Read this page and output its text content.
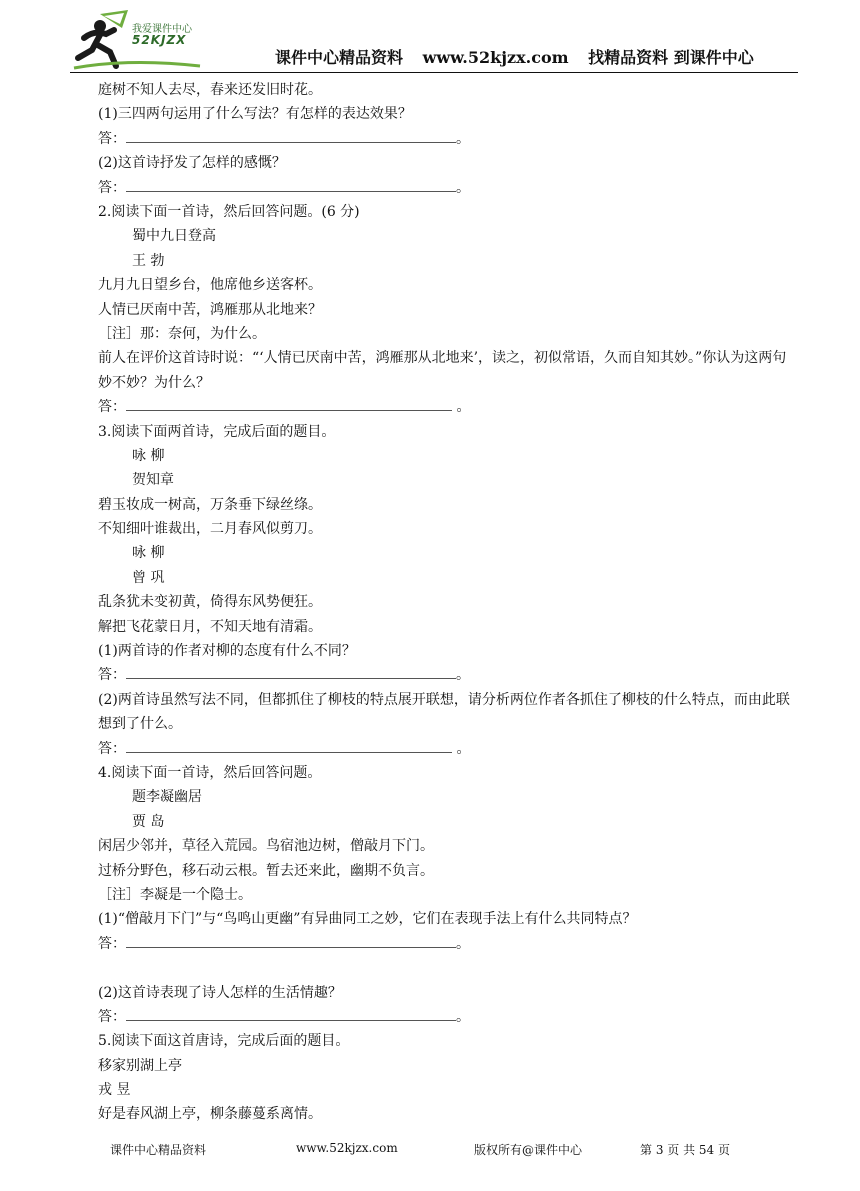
我爱课件中心
52KJZX
课件中心精品资料 www.52kjzx.com 找精品资料 到课件中心
庭树不知人去尽，春来还发旧时花。
(1)三四两句运用了什么写法？有怎样的表达效果？
答：	。
(2)这首诗抒发了怎样的感慨？
答：	。
2.阅读下面一首诗，然后回答问题。(6 分)
蜀中九日登高
王 勃
九月九日望乡台，他席他乡送客杯。
人情已厌南中苦，鸿雁那从北地来？
［注］那：奈何，为什么。
前人在评价这首诗时说：“‘人情已厌南中苦，鸿雁那从北地来’，读之，初似常语，久而自知其妙。”你认为这两句妙不妙？为什么？
答：	。
3.阅读下面两首诗，完成后面的题目。
咏 柳
贺知章
碧玉妆成一树高，万条垂下绿丝绦。
不知细叶谁裁出，二月春风似剪刀。
咏 柳
曾 巩
乱条犹未变初黄，倚得东风势便狂。
解把飞花蒙日月，不知天地有清霜。
(1)两首诗的作者对柳的态度有什么不同？
答：	。
(2)两首诗虽然写法不同，但都抓住了柳枝的特点展开联想，请分析两位作者各抓住了柳枝的什么特点，而由此联想到了什么。
答：	。
4.阅读下面一首诗，然后回答问题。
题李凝幽居
贾 岛
闲居少邻并，草径入荒园。鸟宿池边树，僧敲月下门。
过桥分野色，移石动云根。暂去还来此，幽期不负言。
［注］李凝是一个隐士。
(1)“僧敲月下门”与“鸟鸣山更幽”有异曲同工之妙，它们在表现手法上有什么共同特点？
答：	。
(2)这首诗表现了诗人怎样的生活情趣？
答：	。
5.阅读下面这首唐诗，完成后面的题目。
移家别湖上亭
戎 昱
好是春风湖上亭，柳条藤蔓系离情。
课件中心精品资料	www.52kjzx.com	版权所有@课件中心	第 3 页 共 54 页
